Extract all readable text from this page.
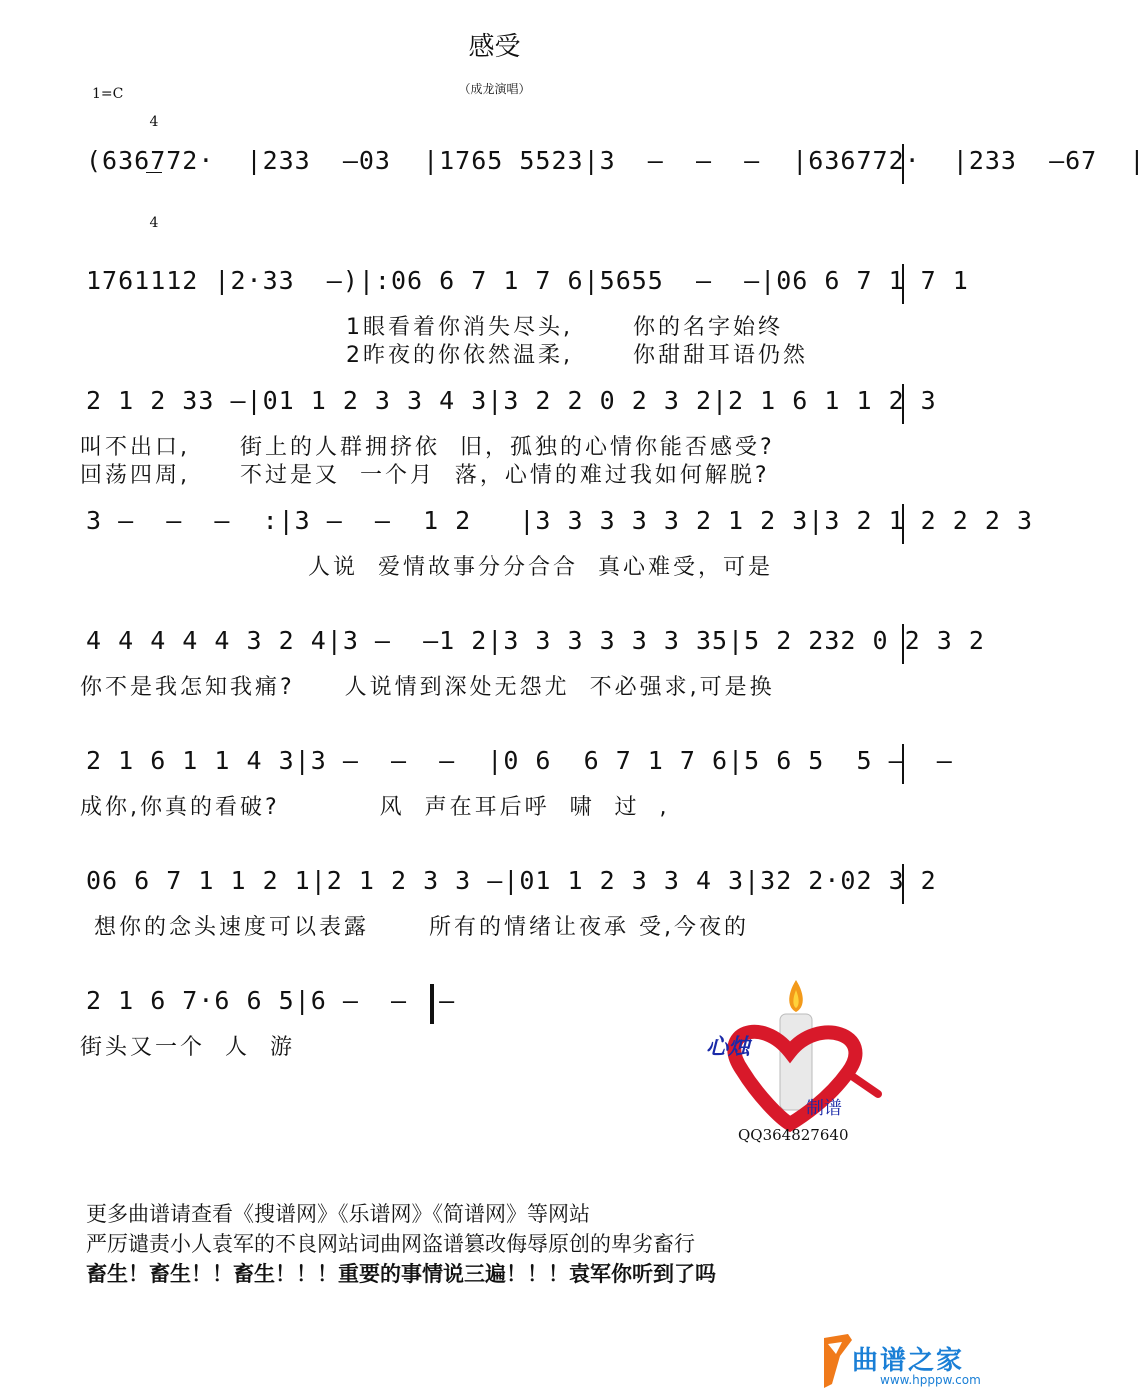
感受
（成龙演唱）
1=C

4

4

(636772·  |233  –03  |1765 5523|3  –  –  –  |636772·  |233  –67  |
1761112 |2·33  –)|:06 6 7 1 7 6|5655  –  –|06 6 7 1 7 1
1眼看着你消失尽头,      你的名字始终
2昨夜的你依然温柔,      你甜甜耳语仍然
2 1 2 33 –|01 1 2 3 3 4 3|3 2 2 0 2 3 2|2 1 6 1 1 2 3
叫不出口,     街上的人群拥挤依  旧，孤独的心情你能否感受?
回荡四周,     不过是又  一个月  落，心情的难过我如何解脱?
3 –  –  –  :|3 –  –  1 2   |3 3 3 3 3 2 1 2 3|3 2 1 2 2 2 3
人说  爱情故事分分合合  真心难受，可是
4 4 4 4 4 3 2 4|3 –  –1 2|3 3 3 3 3 3 35|5 2 232 0 2 3 2
你不是我怎知我痛?     人说情到深处无怨尤  不必强求,可是换
2 1 6 1 1 4 3|3 –  –  –  |0 6  6 7 1 7 6|5 6 5  5 –  –
成你,你真的看破?          风  声在耳后呼  啸  过  ,
06 6 7 1 1 2 1|2 1 2 3 3 –|01 1 2 3 3 4 3|32 2·02 3 2
想你的念头速度可以表露      所有的情绪让夜承 受,今夜的
2 1 6 7·6 6 5|6 –  –  –
街头又一个  人  游	心烛
制谱
QQ364827640
更多曲谱请查看《搜谱网》《乐谱网》《简谱网》等网站
严厉谴责小人袁军的不良网站词曲网盗谱篡改侮辱原创的卑劣畜行
畜生！畜生！！畜生！！！重要的事情说三遍！！！袁军你听到了吗
曲谱之家
www.hpppw.com
